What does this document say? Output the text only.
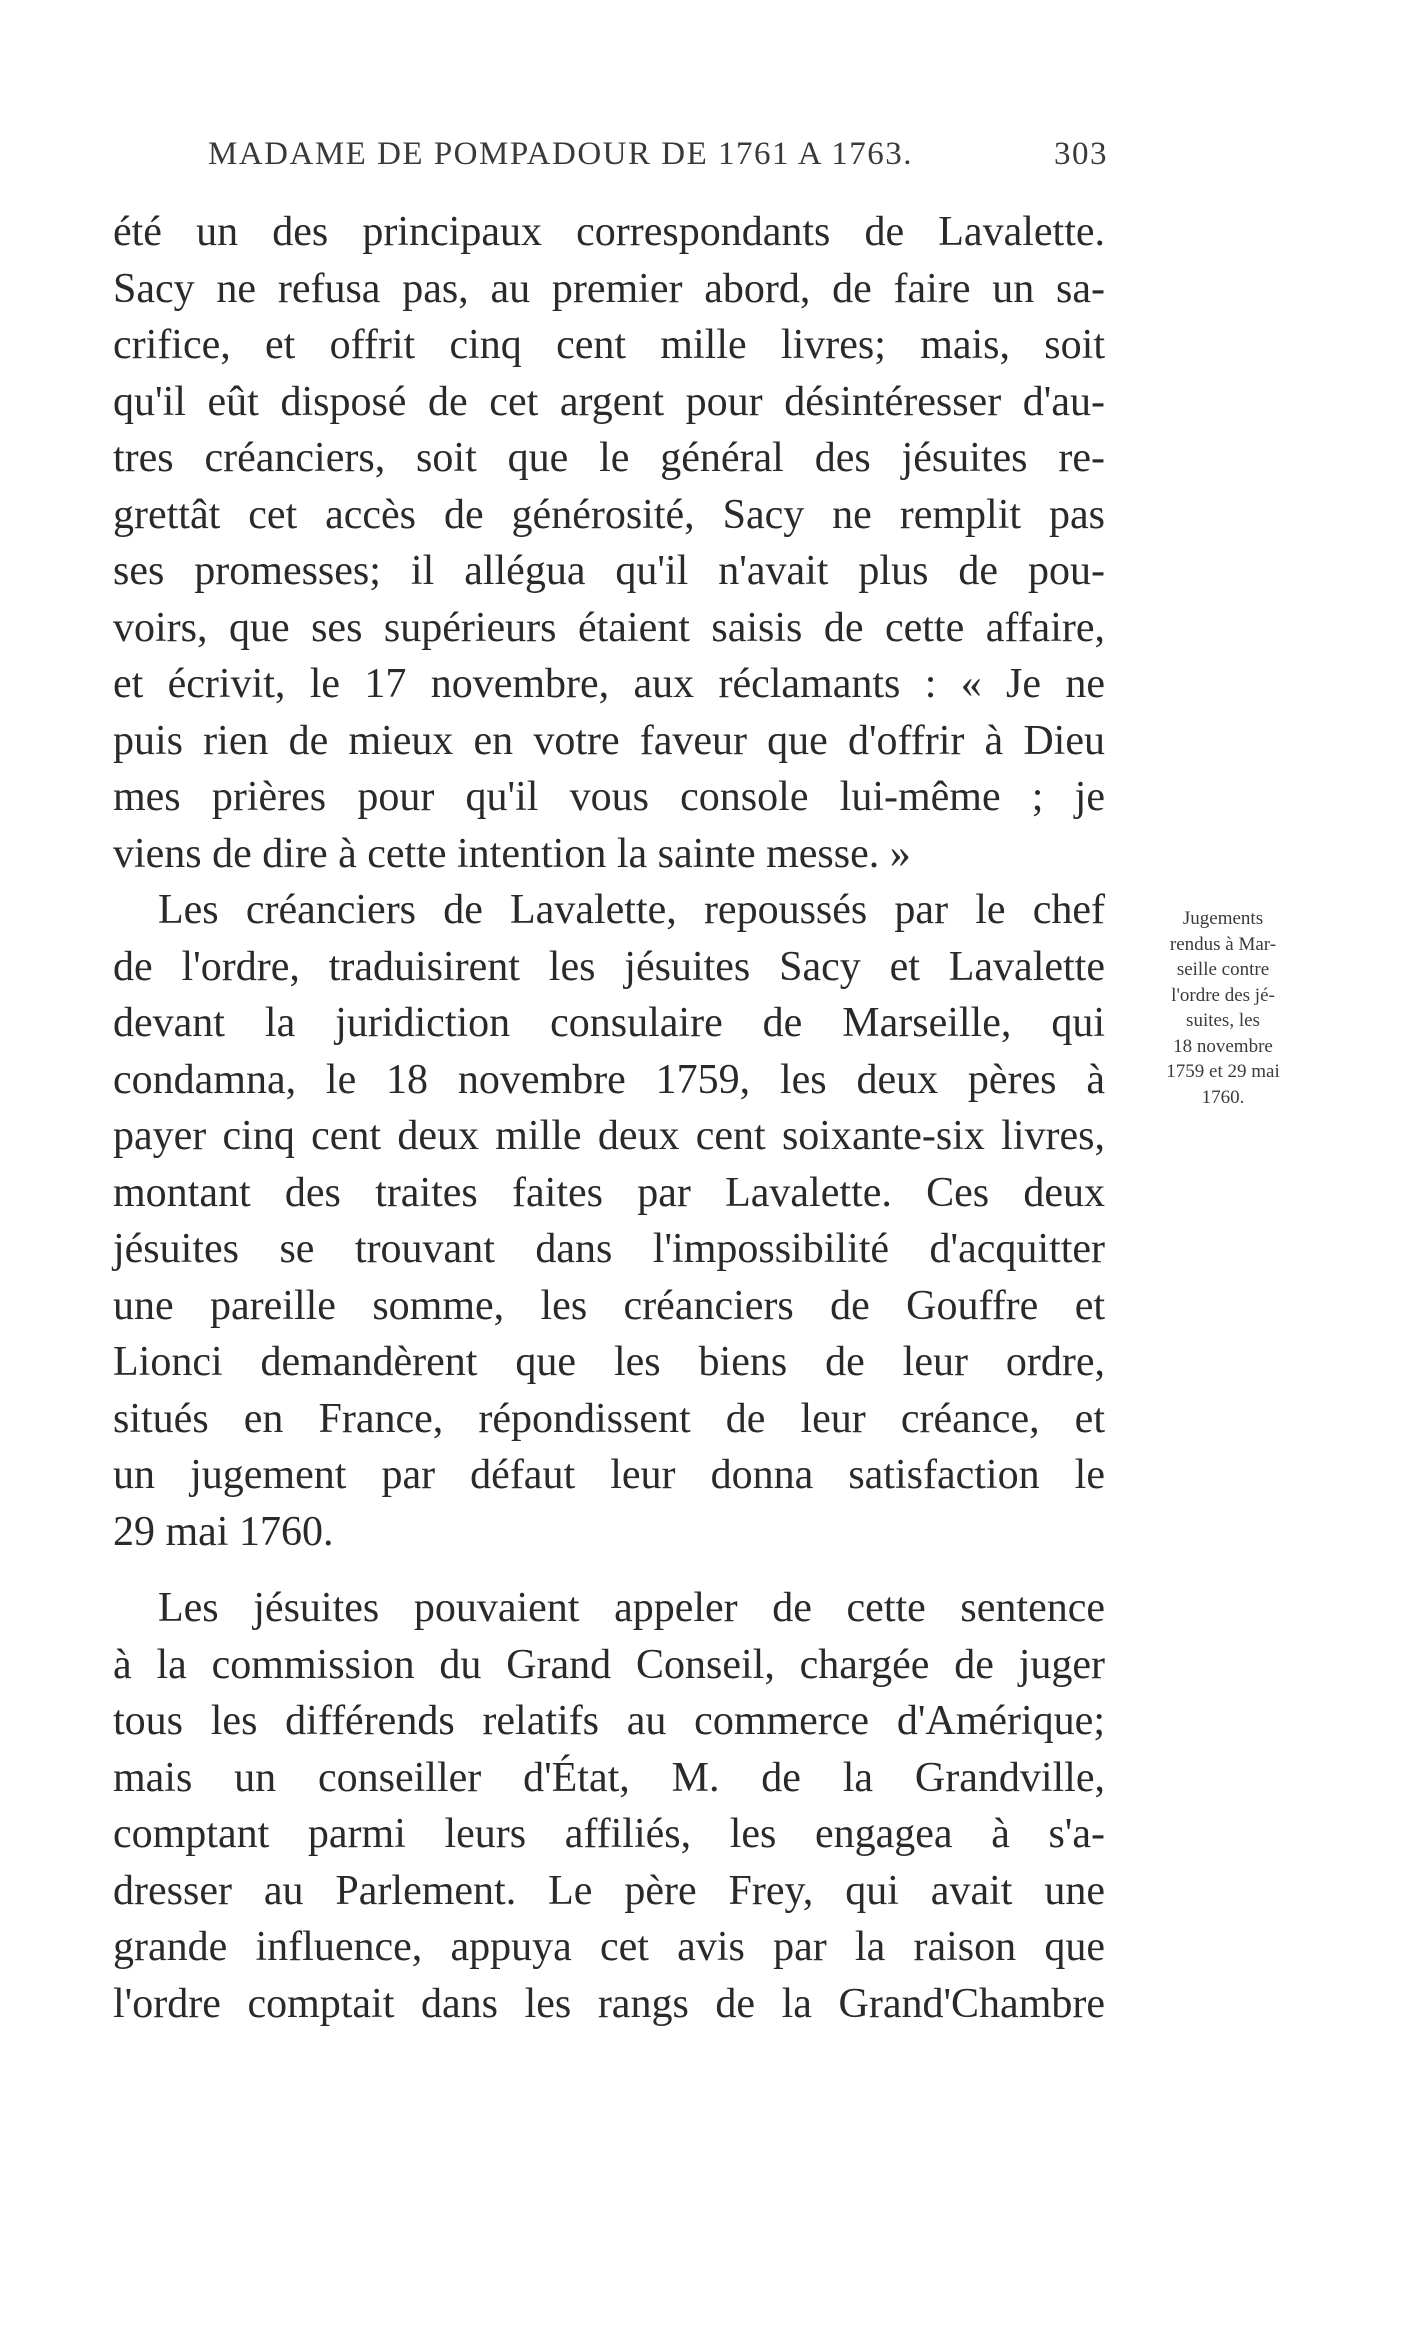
MADAME DE POMPADOUR DE 1761 A 1763.	303
été un des principaux correspondants de Lavalette.
Sacy ne refusa pas, au premier abord, de faire un sa-
crifice, et offrit cinq cent mille livres; mais, soit
qu'il eût disposé de cet argent pour désintéresser d'au-
tres créanciers, soit que le général des jésuites re-
grettât cet accès de générosité, Sacy ne remplit pas
ses promesses; il allégua qu'il n'avait plus de pou-
voirs, que ses supérieurs étaient saisis de cette affaire,
et écrivit, le 17 novembre, aux réclamants : « Je ne
puis rien de mieux en votre faveur que d'offrir à Dieu
mes prières pour qu'il vous console lui-même ; je
viens de dire à cette intention la sainte messe. »
Les créanciers de Lavalette, repoussés par le chef
de l'ordre, traduisirent les jésuites Sacy et Lavalette
devant la juridiction consulaire de Marseille, qui
condamna, le 18 novembre 1759, les deux pères à
payer cinq cent deux mille deux cent soixante-six livres,
montant des traites faites par Lavalette. Ces deux
jésuites se trouvant dans l'impossibilité d'acquitter
une pareille somme, les créanciers de Gouffre et
Lionci demandèrent que les biens de leur ordre,
situés en France, répondissent de leur créance, et
un jugement par défaut leur donna satisfaction le
29 mai 1760.
Les jésuites pouvaient appeler de cette sentence
à la commission du Grand Conseil, chargée de juger
tous les différends relatifs au commerce d'Amérique;
mais un conseiller d'État, M. de la Grandville,
comptant parmi leurs affiliés, les engagea à s'a-
dresser au Parlement. Le père Frey, qui avait une
grande influence, appuya cet avis par la raison que
l'ordre comptait dans les rangs de la Grand'Chambre
Jugements
rendus à Mar-
seille contre
l'ordre des jé-
suites, les
18 novembre
1759 et 29 mai
1760.
